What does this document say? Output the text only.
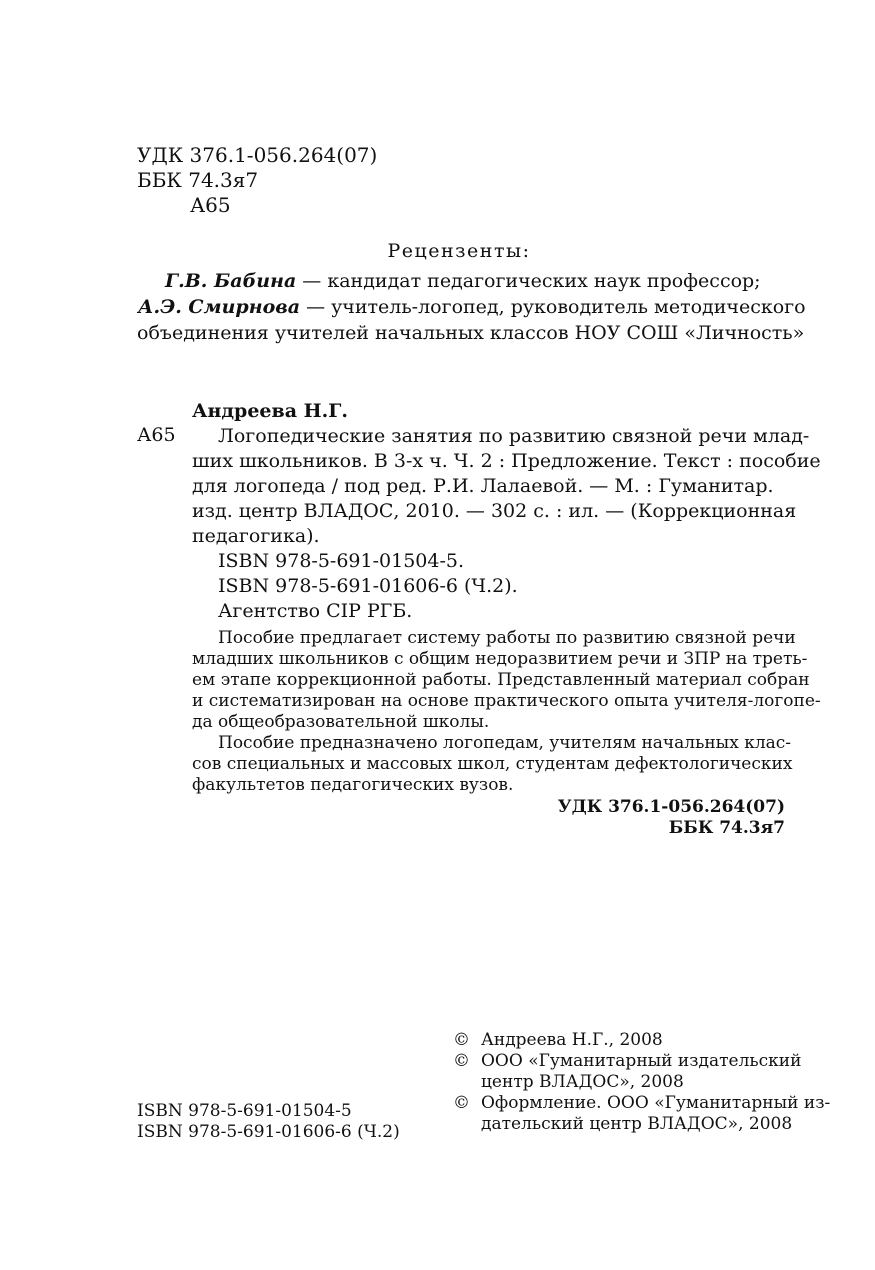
УДК 376.1-056.264(07)
ББК 74.3я7
А65
Рецензенты:
Г.В. Бабина — кандидат педагогических наук профессор;
А.Э. Смирнова — учитель-логопед, руководитель методического
объединения учителей начальных классов НОУ СОШ «Личность»
Андреева Н.Г.
А65 Логопедические занятия по развитию связной речи млад-
ших школьников. В 3-х ч. Ч. 2 : Предложение. Текст : пособие
для логопеда / под ред. Р.И. Лалаевой. — М. : Гуманитар.
изд. центр ВЛАДОС, 2010. — 302 с. : ил. — (Коррекционная
педагогика).
ISBN 978-5-691-01504-5.
ISBN 978-5-691-01606-6 (Ч.2).
Агентство CIP РГБ.
Пособие предлагает систему работы по развитию связной речи
младших школьников с общим недоразвитием речи и ЗПР на треть-
ем этапе коррекционной работы. Представленный материал собран
и систематизирован на основе практического опыта учителя-логопе-
да общеобразовательной школы.
Пособие предназначено логопедам, учителям начальных клас-
сов специальных и массовых школ, студентам дефектологических
факультетов педагогических вузов.
УДК 376.1-056.264(07)
ББК 74.3я7
© Андреева Н.Г., 2008
© ООО «Гуманитарный издательский
центр ВЛАДОС», 2008
© Оформление. ООО «Гуманитарный из-
дательский центр ВЛАДОС», 2008
ISBN 978-5-691-01504-5
ISBN 978-5-691-01606-6 (Ч.2)
